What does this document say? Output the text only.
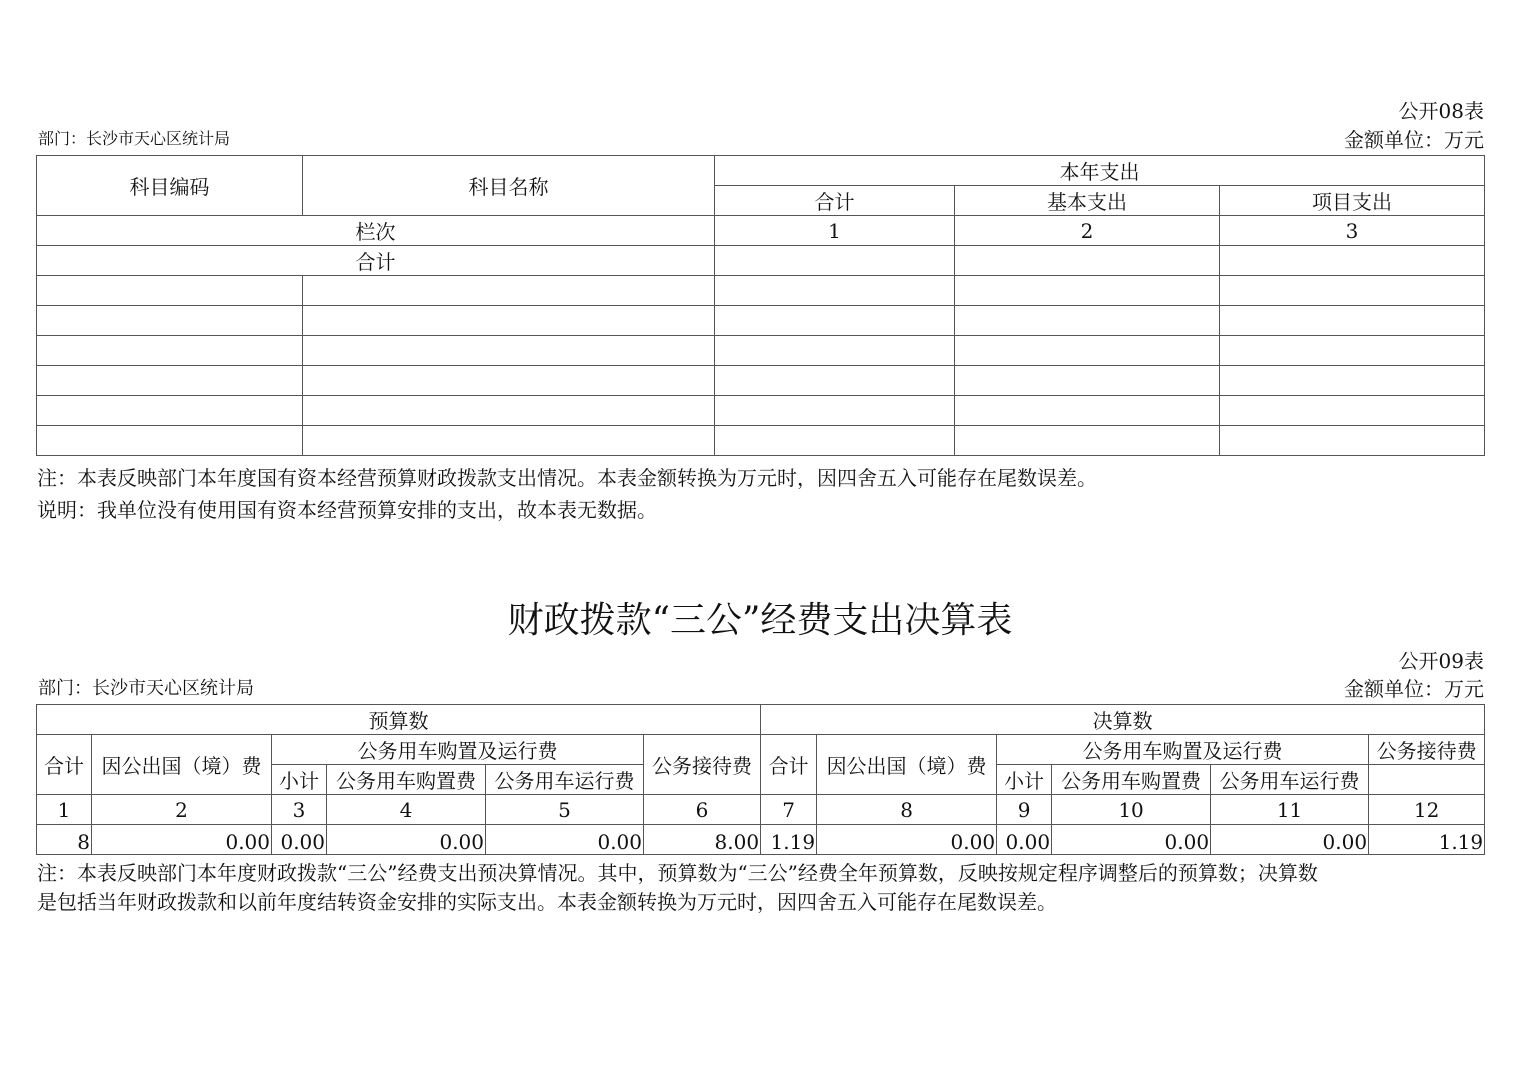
公开08表
部门：长沙市天心区统计局	金额单位：万元
科目编码	科目名称	本年支出		
		合计	基本支出	项目支出
栏次		1	2	3
合计				

注：本表反映部门本年度国有资本经营预算财政拨款支出情况。本表金额转换为万元时，因四舍五入可能存在尾数误差。
说明：我单位没有使用国有资本经营预算安排的支出，故本表无数据。
财政拨款“三公”经费支出决算表
公开09表
部门：长沙市天心区统计局	金额单位：万元
预算数						决算数					
合计	因公出国（境）费	公务用车购置及运行费			公务接待费	合计	因公出国（境）费	公务用车购置及运行费			公务接待费
		小计	公务用车购置费	公务用车运行费				小计	公务用车购置费	公务用车运行费	
1	2	3	4	5	6	7	8	9	10	11	12
8	0.00	0.00	0.00	0.00	8.00	1.19	0.00	0.00	0.00	0.00	1.19
注：本表反映部门本年度财政拨款“三公”经费支出预决算情况。其中，预算数为“三公”经费全年预算数，反映按规定程序调整后的预算数；决算数
是包括当年财政拨款和以前年度结转资金安排的实际支出。本表金额转换为万元时，因四舍五入可能存在尾数误差。
